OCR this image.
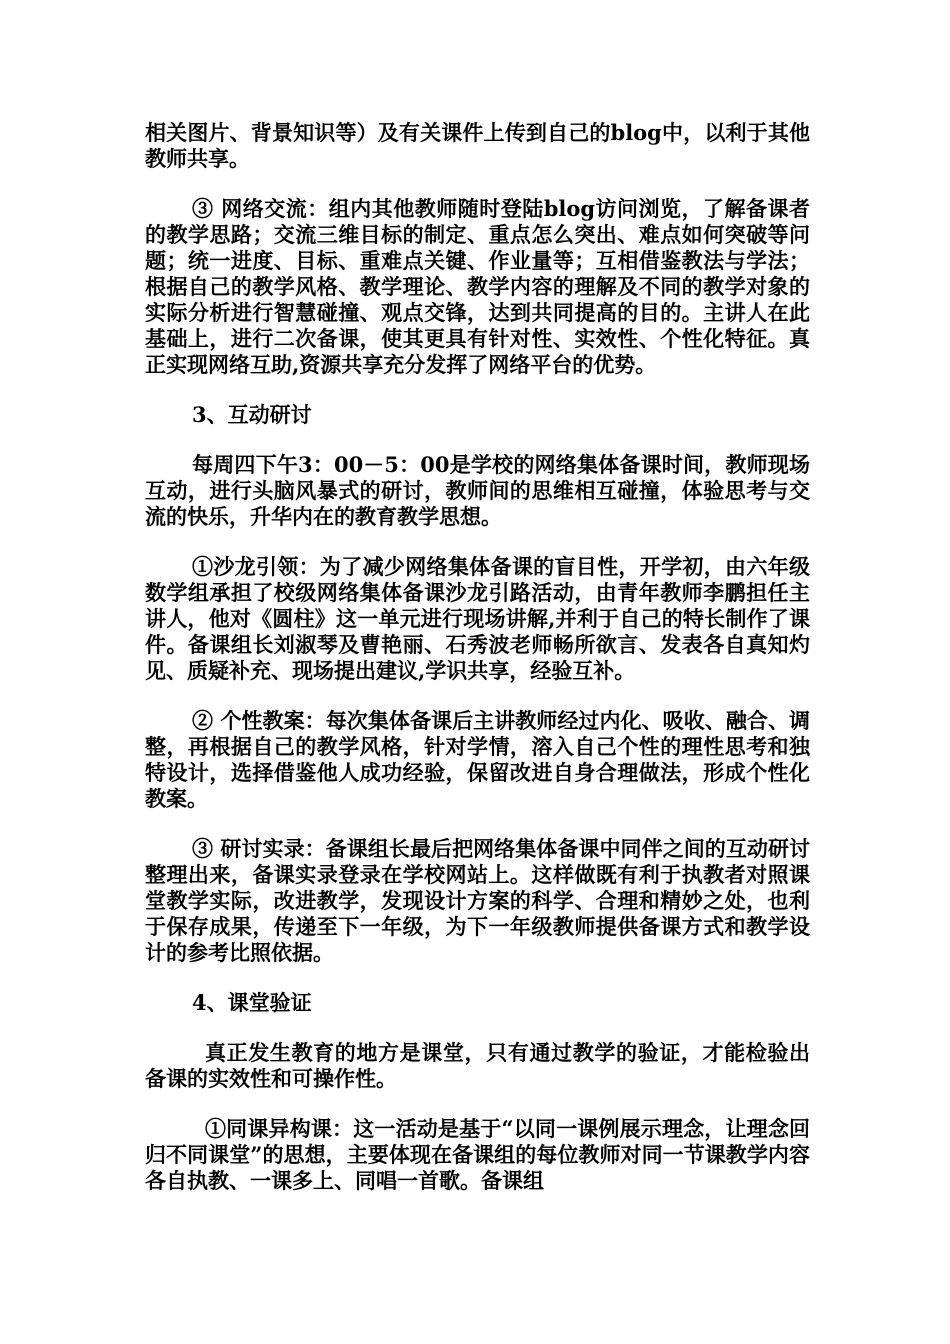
相关图片、背景知识等）及有关课件上传到自己的blog中，以利于其他教师共享。

③ 网络交流：组内其他教师随时登陆blog访问浏览，了解备课者的教学思路；交流三维目标的制定、重点怎么突出、难点如何突破等问题；统一进度、目标、重难点关键、作业量等；互相借鉴教法与学法；根据自己的教学风格、教学理论、教学内容的理解及不同的教学对象的实际分析进行智慧碰撞、观点交锋，达到共同提高的目的。主讲人在此基础上，进行二次备课，使其更具有针对性、实效性、个性化特征。真正实现网络互助,资源共享充分发挥了网络平台的优势。

3、互动研讨

每周四下午3：00－5：00是学校的网络集体备课时间，教师现场互动，进行头脑风暴式的研讨，教师间的思维相互碰撞，体验思考与交流的快乐，升华内在的教育教学思想。

①沙龙引领：为了减少网络集体备课的盲目性，开学初，由六年级数学组承担了校级网络集体备课沙龙引路活动，由青年教师李鹏担任主讲人，他对《圆柱》这一单元进行现场讲解,并利于自己的特长制作了课件。备课组长刘淑琴及曹艳丽、石秀波老师畅所欲言、发表各自真知灼见、质疑补充、现场提出建议,学识共享，经验互补。

② 个性教案：每次集体备课后主讲教师经过内化、吸收、融合、调整，再根据自己的教学风格，针对学情，溶入自己个性的理性思考和独特设计，选择借鉴他人成功经验，保留改进自身合理做法，形成个性化教案。

③ 研讨实录：备课组长最后把网络集体备课中同伴之间的互动研讨整理出来，备课实录登录在学校网站上。这样做既有利于执教者对照课堂教学实际，改进教学，发现设计方案的科学、合理和精妙之处，也利于保存成果，传递至下一年级，为下一年级教师提供备课方式和教学设计的参考比照依据。

4、课堂验证

真正发生教育的地方是课堂，只有通过教学的验证，才能检验出备课的实效性和可操作性。

①同课异构课：这一活动是基于“以同一课例展示理念，让理念回归不同课堂”的思想，主要体现在备课组的每位教师对同一节课教学内容各自执教、一课多上、同唱一首歌。备课组
